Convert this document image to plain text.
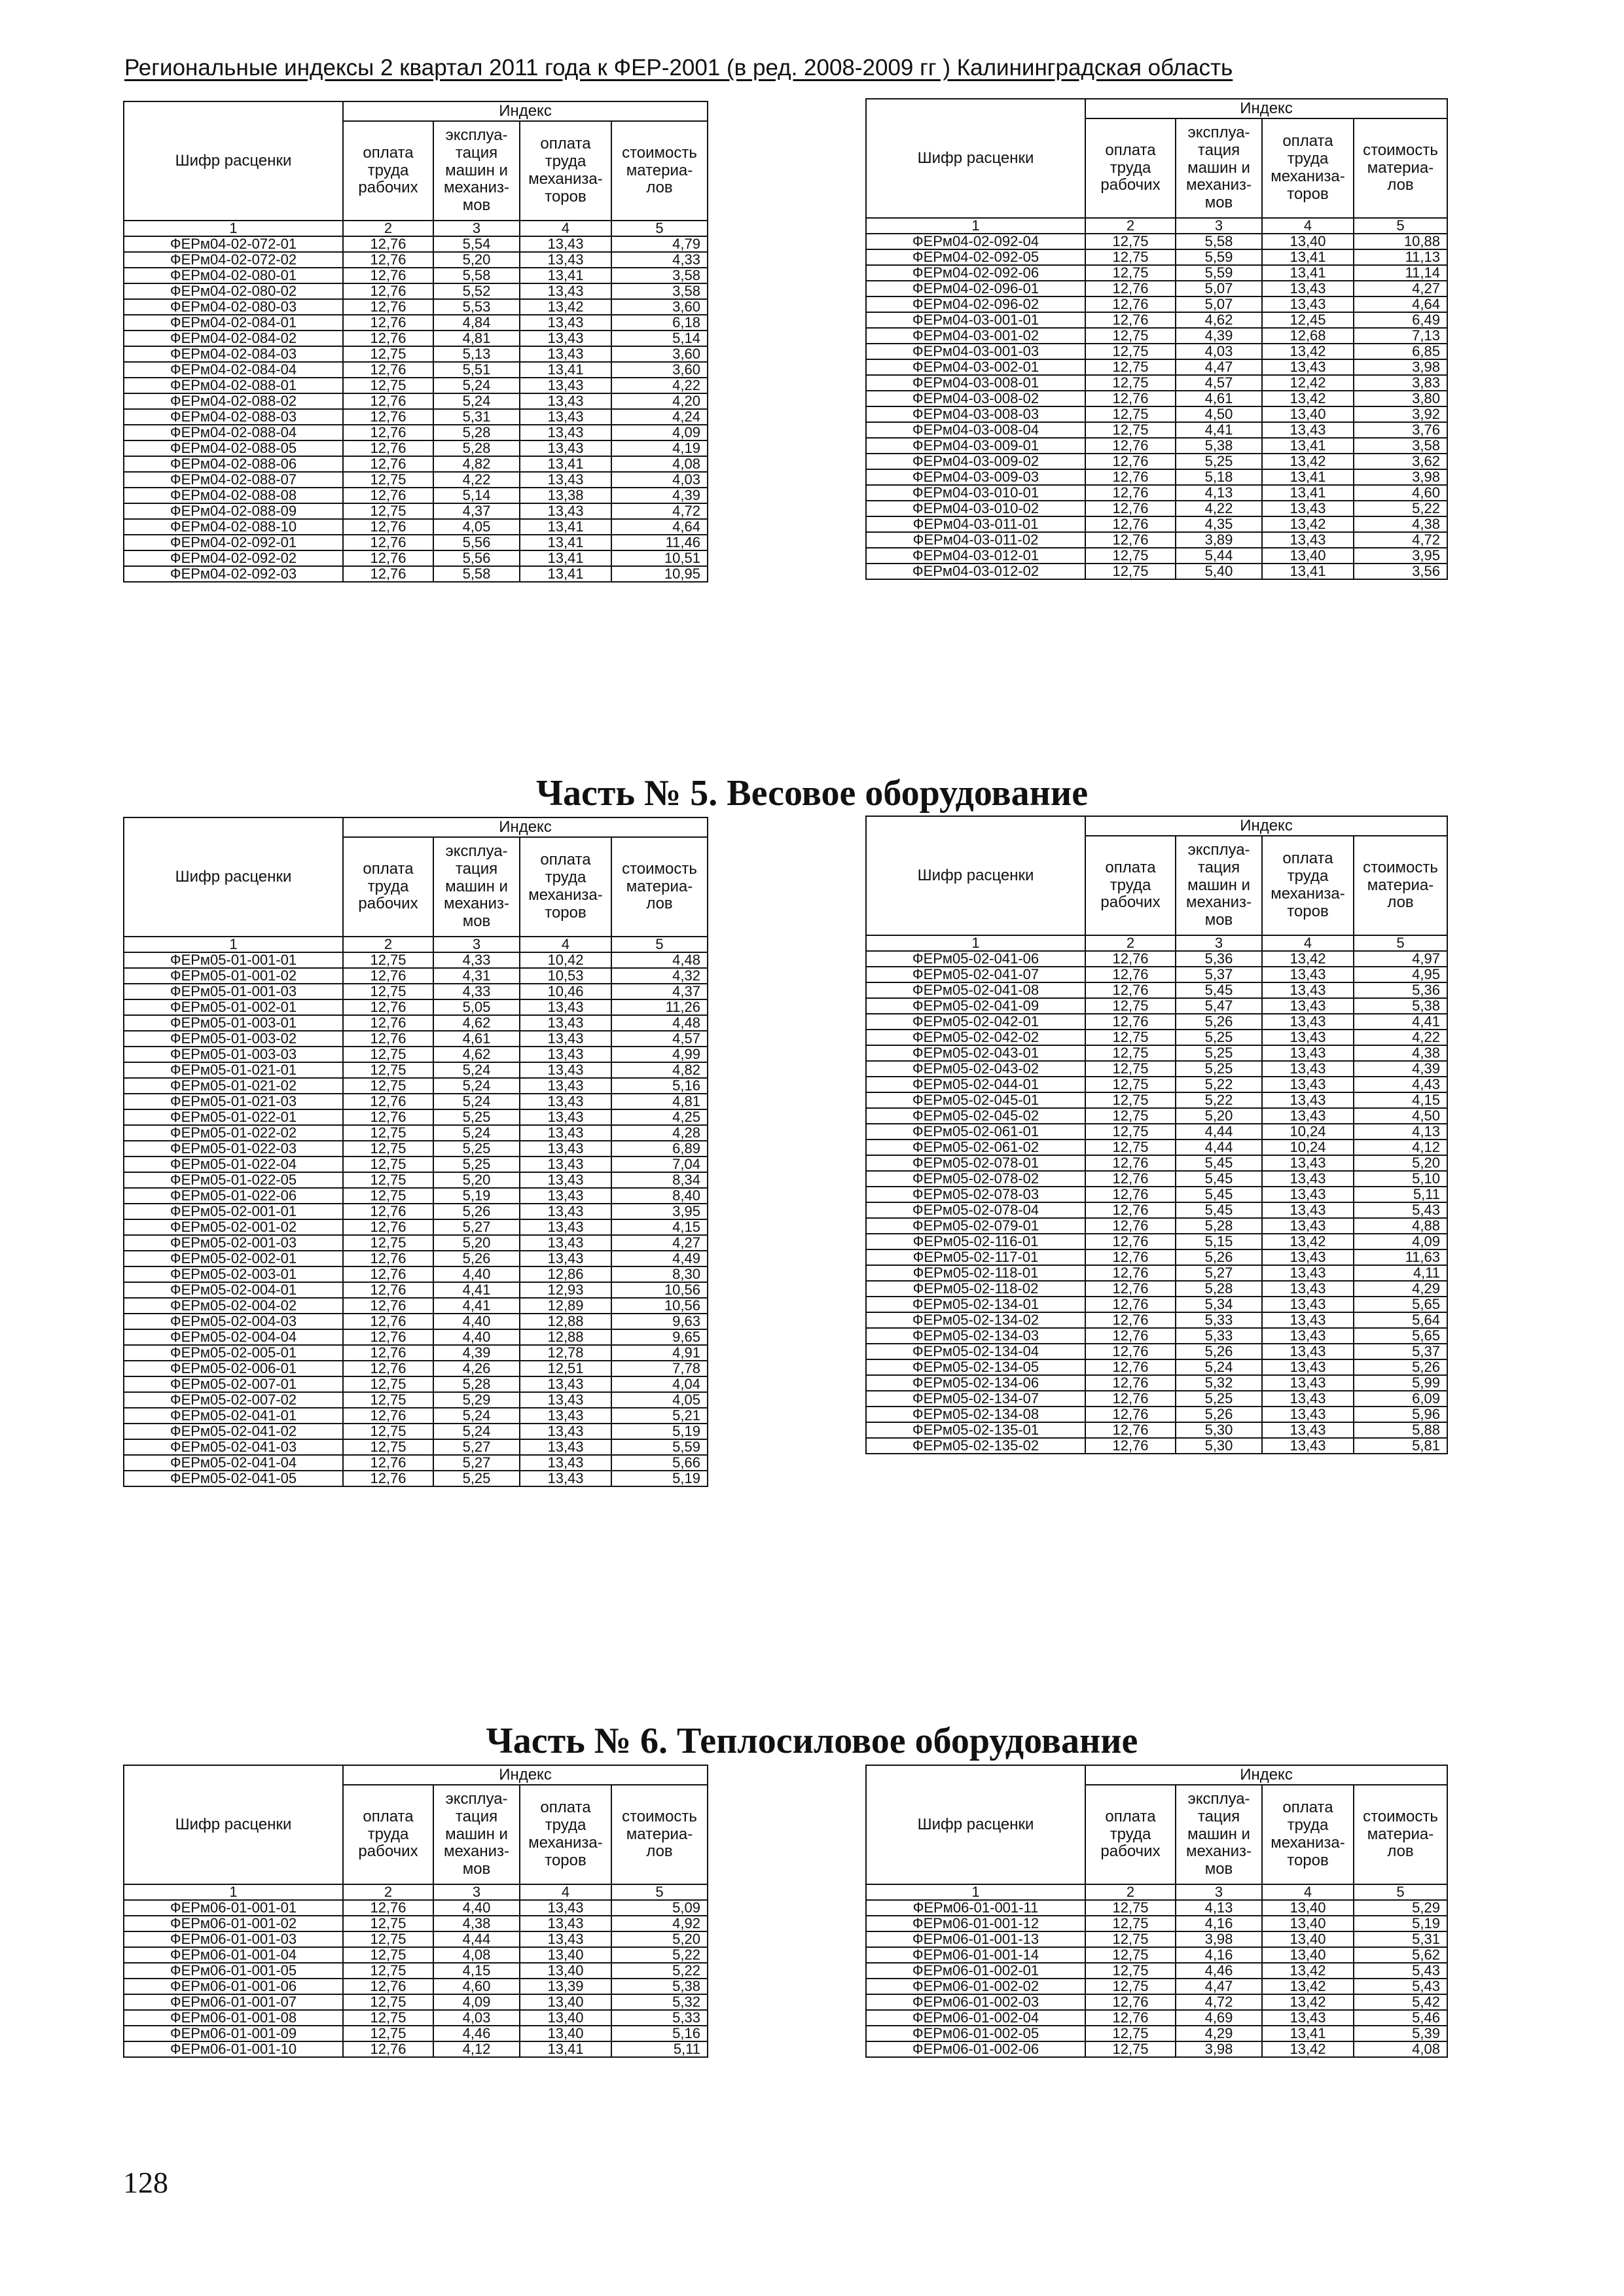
Региональные индексы 2 квартал 2011 года к ФЕР-2001 (в ред. 2008-2009 гг ) Калининградская область
Шифр расценки	Индекс			
	оплата труда рабочих	эксплуа-тация машин и механиз-мов	оплата труда механиза-торов	стоимость материа-лов
1	2	3	4	5
ФЕРм04-02-072-01	12,76	5,54	13,43	4,79
ФЕРм04-02-072-02	12,76	5,20	13,43	4,33
ФЕРм04-02-080-01	12,76	5,58	13,41	3,58
ФЕРм04-02-080-02	12,76	5,52	13,43	3,58
ФЕРм04-02-080-03	12,76	5,53	13,42	3,60
ФЕРм04-02-084-01	12,76	4,84	13,43	6,18
ФЕРм04-02-084-02	12,76	4,81	13,43	5,14
ФЕРм04-02-084-03	12,75	5,13	13,43	3,60
ФЕРм04-02-084-04	12,76	5,51	13,41	3,60
ФЕРм04-02-088-01	12,75	5,24	13,43	4,22
ФЕРм04-02-088-02	12,76	5,24	13,43	4,20
ФЕРм04-02-088-03	12,76	5,31	13,43	4,24
ФЕРм04-02-088-04	12,76	5,28	13,43	4,09
ФЕРм04-02-088-05	12,76	5,28	13,43	4,19
ФЕРм04-02-088-06	12,76	4,82	13,41	4,08
ФЕРм04-02-088-07	12,75	4,22	13,43	4,03
ФЕРм04-02-088-08	12,76	5,14	13,38	4,39
ФЕРм04-02-088-09	12,75	4,37	13,43	4,72
ФЕРм04-02-088-10	12,76	4,05	13,41	4,64
ФЕРм04-02-092-01	12,76	5,56	13,41	11,46
ФЕРм04-02-092-02	12,76	5,56	13,41	10,51
ФЕРм04-02-092-03	12,76	5,58	13,41	10,95
Шифр расценки	Индекс			
	оплата труда рабочих	эксплуа-тация машин и механиз-мов	оплата труда механиза-торов	стоимость материа-лов
1	2	3	4	5
ФЕРм04-02-092-04	12,75	5,58	13,40	10,88
ФЕРм04-02-092-05	12,75	5,59	13,41	11,13
ФЕРм04-02-092-06	12,75	5,59	13,41	11,14
ФЕРм04-02-096-01	12,76	5,07	13,43	4,27
ФЕРм04-02-096-02	12,76	5,07	13,43	4,64
ФЕРм04-03-001-01	12,76	4,62	12,45	6,49
ФЕРм04-03-001-02	12,75	4,39	12,68	7,13
ФЕРм04-03-001-03	12,75	4,03	13,42	6,85
ФЕРм04-03-002-01	12,75	4,47	13,43	3,98
ФЕРм04-03-008-01	12,75	4,57	12,42	3,83
ФЕРм04-03-008-02	12,76	4,61	13,42	3,80
ФЕРм04-03-008-03	12,75	4,50	13,40	3,92
ФЕРм04-03-008-04	12,75	4,41	13,43	3,76
ФЕРм04-03-009-01	12,76	5,38	13,41	3,58
ФЕРм04-03-009-02	12,76	5,25	13,42	3,62
ФЕРм04-03-009-03	12,76	5,18	13,41	3,98
ФЕРм04-03-010-01	12,76	4,13	13,41	4,60
ФЕРм04-03-010-02	12,76	4,22	13,43	5,22
ФЕРм04-03-011-01	12,76	4,35	13,42	4,38
ФЕРм04-03-011-02	12,76	3,89	13,43	4,72
ФЕРм04-03-012-01	12,75	5,44	13,40	3,95
ФЕРм04-03-012-02	12,75	5,40	13,41	3,56
Часть № 5. Весовое оборудование
Шифр расценки	Индекс			
	оплата труда рабочих	эксплуа-тация машин и механиз-мов	оплата труда механиза-торов	стоимость материа-лов
1	2	3	4	5
ФЕРм05-01-001-01	12,75	4,33	10,42	4,48
ФЕРм05-01-001-02	12,76	4,31	10,53	4,32
ФЕРм05-01-001-03	12,75	4,33	10,46	4,37
ФЕРм05-01-002-01	12,76	5,05	13,43	11,26
ФЕРм05-01-003-01	12,76	4,62	13,43	4,48
ФЕРм05-01-003-02	12,76	4,61	13,43	4,57
ФЕРм05-01-003-03	12,75	4,62	13,43	4,99
ФЕРм05-01-021-01	12,75	5,24	13,43	4,82
ФЕРм05-01-021-02	12,75	5,24	13,43	5,16
ФЕРм05-01-021-03	12,76	5,24	13,43	4,81
ФЕРм05-01-022-01	12,76	5,25	13,43	4,25
ФЕРм05-01-022-02	12,75	5,24	13,43	4,28
ФЕРм05-01-022-03	12,75	5,25	13,43	6,89
ФЕРм05-01-022-04	12,75	5,25	13,43	7,04
ФЕРм05-01-022-05	12,75	5,20	13,43	8,34
ФЕРм05-01-022-06	12,75	5,19	13,43	8,40
ФЕРм05-02-001-01	12,76	5,26	13,43	3,95
ФЕРм05-02-001-02	12,76	5,27	13,43	4,15
ФЕРм05-02-001-03	12,75	5,20	13,43	4,27
ФЕРм05-02-002-01	12,76	5,26	13,43	4,49
ФЕРм05-02-003-01	12,76	4,40	12,86	8,30
ФЕРм05-02-004-01	12,76	4,41	12,93	10,56
ФЕРм05-02-004-02	12,76	4,41	12,89	10,56
ФЕРм05-02-004-03	12,76	4,40	12,88	9,63
ФЕРм05-02-004-04	12,76	4,40	12,88	9,65
ФЕРм05-02-005-01	12,76	4,39	12,78	4,91
ФЕРм05-02-006-01	12,76	4,26	12,51	7,78
ФЕРм05-02-007-01	12,75	5,28	13,43	4,04
ФЕРм05-02-007-02	12,75	5,29	13,43	4,05
ФЕРм05-02-041-01	12,76	5,24	13,43	5,21
ФЕРм05-02-041-02	12,75	5,24	13,43	5,19
ФЕРм05-02-041-03	12,75	5,27	13,43	5,59
ФЕРм05-02-041-04	12,76	5,27	13,43	5,66
ФЕРм05-02-041-05	12,76	5,25	13,43	5,19
Шифр расценки	Индекс			
	оплата труда рабочих	эксплуа-тация машин и механиз-мов	оплата труда механиза-торов	стоимость материа-лов
1	2	3	4	5
ФЕРм05-02-041-06	12,76	5,36	13,42	4,97
ФЕРм05-02-041-07	12,76	5,37	13,43	4,95
ФЕРм05-02-041-08	12,76	5,45	13,43	5,36
ФЕРм05-02-041-09	12,75	5,47	13,43	5,38
ФЕРм05-02-042-01	12,76	5,26	13,43	4,41
ФЕРм05-02-042-02	12,75	5,25	13,43	4,22
ФЕРм05-02-043-01	12,75	5,25	13,43	4,38
ФЕРм05-02-043-02	12,75	5,25	13,43	4,39
ФЕРм05-02-044-01	12,75	5,22	13,43	4,43
ФЕРм05-02-045-01	12,75	5,22	13,43	4,15
ФЕРм05-02-045-02	12,75	5,20	13,43	4,50
ФЕРм05-02-061-01	12,75	4,44	10,24	4,13
ФЕРм05-02-061-02	12,75	4,44	10,24	4,12
ФЕРм05-02-078-01	12,76	5,45	13,43	5,20
ФЕРм05-02-078-02	12,76	5,45	13,43	5,10
ФЕРм05-02-078-03	12,76	5,45	13,43	5,11
ФЕРм05-02-078-04	12,76	5,45	13,43	5,43
ФЕРм05-02-079-01	12,76	5,28	13,43	4,88
ФЕРм05-02-116-01	12,76	5,15	13,42	4,09
ФЕРм05-02-117-01	12,76	5,26	13,43	11,63
ФЕРм05-02-118-01	12,76	5,27	13,43	4,11
ФЕРм05-02-118-02	12,76	5,28	13,43	4,29
ФЕРм05-02-134-01	12,76	5,34	13,43	5,65
ФЕРм05-02-134-02	12,76	5,33	13,43	5,64
ФЕРм05-02-134-03	12,76	5,33	13,43	5,65
ФЕРм05-02-134-04	12,76	5,26	13,43	5,37
ФЕРм05-02-134-05	12,76	5,24	13,43	5,26
ФЕРм05-02-134-06	12,76	5,32	13,43	5,99
ФЕРм05-02-134-07	12,76	5,25	13,43	6,09
ФЕРм05-02-134-08	12,76	5,26	13,43	5,96
ФЕРм05-02-135-01	12,76	5,30	13,43	5,88
ФЕРм05-02-135-02	12,76	5,30	13,43	5,81
Часть № 6. Теплосиловое оборудование
Шифр расценки	Индекс			
	оплата труда рабочих	эксплуа-тация машин и механиз-мов	оплата труда механиза-торов	стоимость материа-лов
1	2	3	4	5
ФЕРм06-01-001-01	12,76	4,40	13,43	5,09
ФЕРм06-01-001-02	12,75	4,38	13,43	4,92
ФЕРм06-01-001-03	12,75	4,44	13,43	5,20
ФЕРм06-01-001-04	12,75	4,08	13,40	5,22
ФЕРм06-01-001-05	12,75	4,15	13,40	5,22
ФЕРм06-01-001-06	12,76	4,60	13,39	5,38
ФЕРм06-01-001-07	12,75	4,09	13,40	5,32
ФЕРм06-01-001-08	12,75	4,03	13,40	5,33
ФЕРм06-01-001-09	12,75	4,46	13,40	5,16
ФЕРм06-01-001-10	12,76	4,12	13,41	5,11
Шифр расценки	Индекс			
	оплата труда рабочих	эксплуа-тация машин и механиз-мов	оплата труда механиза-торов	стоимость материа-лов
1	2	3	4	5
ФЕРм06-01-001-11	12,75	4,13	13,40	5,29
ФЕРм06-01-001-12	12,75	4,16	13,40	5,19
ФЕРм06-01-001-13	12,75	3,98	13,40	5,31
ФЕРм06-01-001-14	12,75	4,16	13,40	5,62
ФЕРм06-01-002-01	12,75	4,46	13,42	5,43
ФЕРм06-01-002-02	12,75	4,47	13,42	5,43
ФЕРм06-01-002-03	12,76	4,72	13,42	5,42
ФЕРм06-01-002-04	12,76	4,69	13,43	5,46
ФЕРм06-01-002-05	12,75	4,29	13,41	5,39
ФЕРм06-01-002-06	12,75	3,98	13,42	4,08
128
